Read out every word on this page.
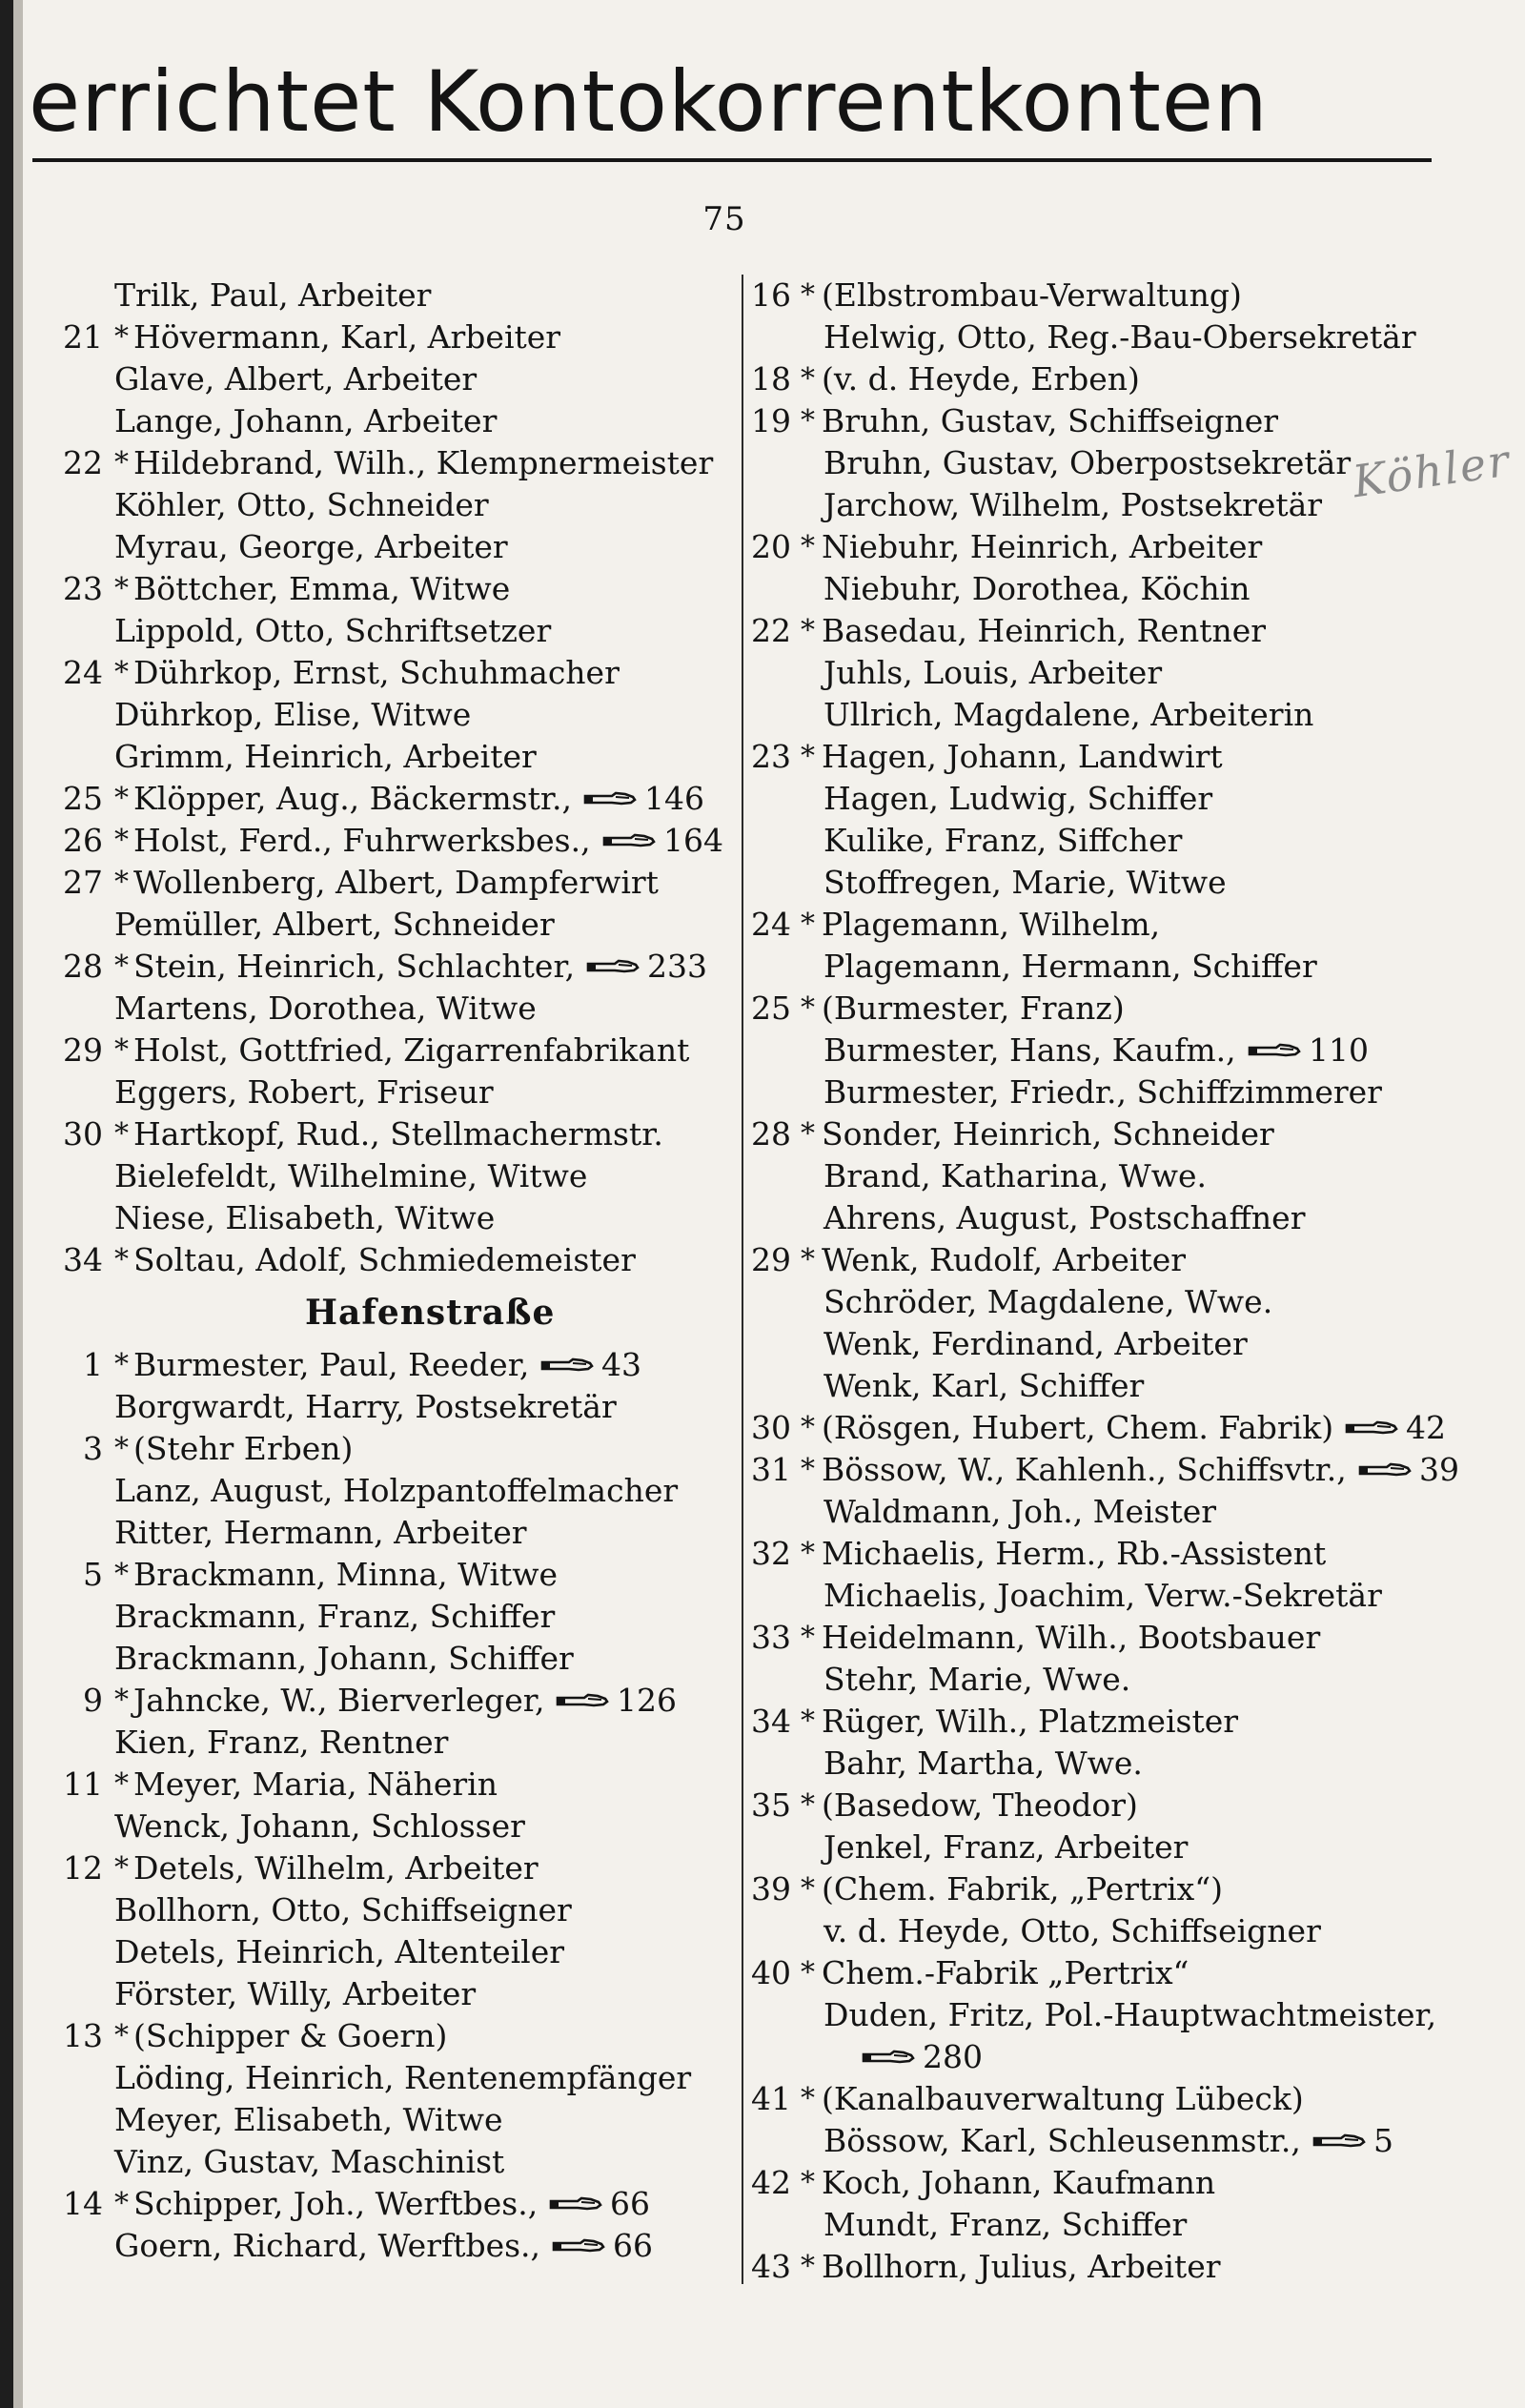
errichtet Kontokorrentkonten
75
Trilk, Paul, Arbeiter
21 * Hövermann, Karl, Arbeiter
Glave, Albert, Arbeiter
Lange, Johann, Arbeiter
22 * Hildebrand, Wilh., Klempnermeister
Köhler, Otto, Schneider
Myrau, George, Arbeiter
23 * Böttcher, Emma, Witwe
Lippold, Otto, Schriftsetzer
24 * Dührkop, Ernst, Schuhmacher
Dührkop, Elise, Witwe
Grimm, Heinrich, Arbeiter
25 * Klöpper, Aug., Bäckermstr., 146
26 * Holst, Ferd., Fuhrwerksbes., 164
27 * Wollenberg, Albert, Dampferwirt
Pemüller, Albert, Schneider
28 * Stein, Heinrich, Schlachter, 233
Martens, Dorothea, Witwe
29 * Holst, Gottfried, Zigarrenfabrikant
Eggers, Robert, Friseur
30 * Hartkopf, Rud., Stellmachermstr.
Bielefeldt, Wilhelmine, Witwe
Niese, Elisabeth, Witwe
34 * Soltau, Adolf, Schmiedemeister
Hafenstraße
1 * Burmester, Paul, Reeder, 43
Borgwardt, Harry, Postsekretär
3 * (Stehr Erben)
Lanz, August, Holzpantoffelmacher
Ritter, Hermann, Arbeiter
5 * Brackmann, Minna, Witwe
Brackmann, Franz, Schiffer
Brackmann, Johann, Schiffer
9 * Jahncke, W., Bierverleger, 126
Kien, Franz, Rentner
11 * Meyer, Maria, Näherin
Wenck, Johann, Schlosser
12 * Detels, Wilhelm, Arbeiter
Bollhorn, Otto, Schiffseigner
Detels, Heinrich, Altenteiler
Förster, Willy, Arbeiter
13 * (Schipper & Goern)
Löding, Heinrich, Rentenempfänger
Meyer, Elisabeth, Witwe
Vinz, Gustav, Maschinist
14 * Schipper, Joh., Werftbes., 66
Goern, Richard, Werftbes., 66
16 * (Elbstrombau-Verwaltung)
Helwig, Otto, Reg.-Bau-Obersekretär
18 * (v. d. Heyde, Erben)
19 * Bruhn, Gustav, Schiffseigner
Bruhn, Gustav, Oberpostsekretär
Jarchow, Wilhelm, Postsekretär
20 * Niebuhr, Heinrich, Arbeiter
Niebuhr, Dorothea, Köchin
22 * Basedau, Heinrich, Rentner
Juhls, Louis, Arbeiter
Ullrich, Magdalene, Arbeiterin
23 * Hagen, Johann, Landwirt
Hagen, Ludwig, Schiffer
Kulike, Franz, Siffcher
Stoffregen, Marie, Witwe
24 * Plagemann, Wilhelm,
Plagemann, Hermann, Schiffer
25 * (Burmester, Franz)
Burmester, Hans, Kaufm., 110
Burmester, Friedr., Schiffzimmerer
28 * Sonder, Heinrich, Schneider
Brand, Katharina, Wwe.
Ahrens, August, Postschaffner
29 * Wenk, Rudolf, Arbeiter
Schröder, Magdalene, Wwe.
Wenk, Ferdinand, Arbeiter
Wenk, Karl, Schiffer
30 * (Rösgen, Hubert, Chem. Fabrik) 42
31 * Bössow, W., Kahlenh., Schiffsvtr., 39
Waldmann, Joh., Meister
32 * Michaelis, Herm., Rb.-Assistent
Michaelis, Joachim, Verw.-Sekretär
33 * Heidelmann, Wilh., Bootsbauer
Stehr, Marie, Wwe.
34 * Rüger, Wilh., Platzmeister
Bahr, Martha, Wwe.
35 * (Basedow, Theodor)
Jenkel, Franz, Arbeiter
39 * (Chem. Fabrik, „Pertrix“)
v. d. Heyde, Otto, Schiffseigner
40 * Chem.-Fabrik „Pertrix“
Duden, Fritz, Pol.-Hauptwachtmeister,
280
41 * (Kanalbauverwaltung Lübeck)
Bössow, Karl, Schleusenmstr., 5
42 * Koch, Johann, Kaufmann
Mundt, Franz, Schiffer
43 * Bollhorn, Julius, Arbeiter
Köhler
